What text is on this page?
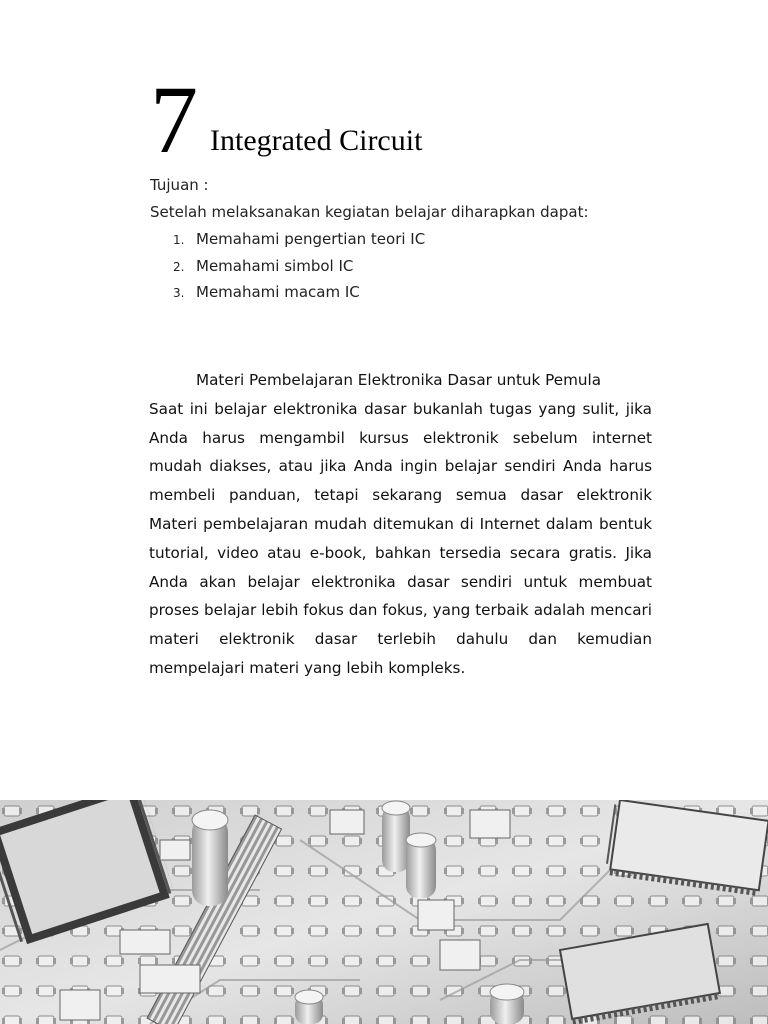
7 Integrated Circuit
Tujuan :
Setelah melaksanakan kegiatan belajar diharapkan dapat:
1. Memahami pengertian teori IC
2. Memahami simbol IC
3. Memahami macam IC

Materi Pembelajaran Elektronika Dasar untuk Pemula
Saat ini belajar elektronika dasar bukanlah tugas yang sulit, jika Anda harus mengambil kursus elektronik sebelum internet mudah diakses, atau jika Anda ingin belajar sendiri Anda harus membeli panduan, tetapi sekarang semua dasar elektronik Materi pembelajaran mudah ditemukan di Internet dalam bentuk tutorial, video atau e-book, bahkan tersedia secara gratis. Jika Anda akan belajar elektronika dasar sendiri untuk membuat proses belajar lebih fokus dan fokus, yang terbaik adalah mencari materi elektronik dasar terlebih dahulu dan kemudian mempelajari materi yang lebih kompleks.
